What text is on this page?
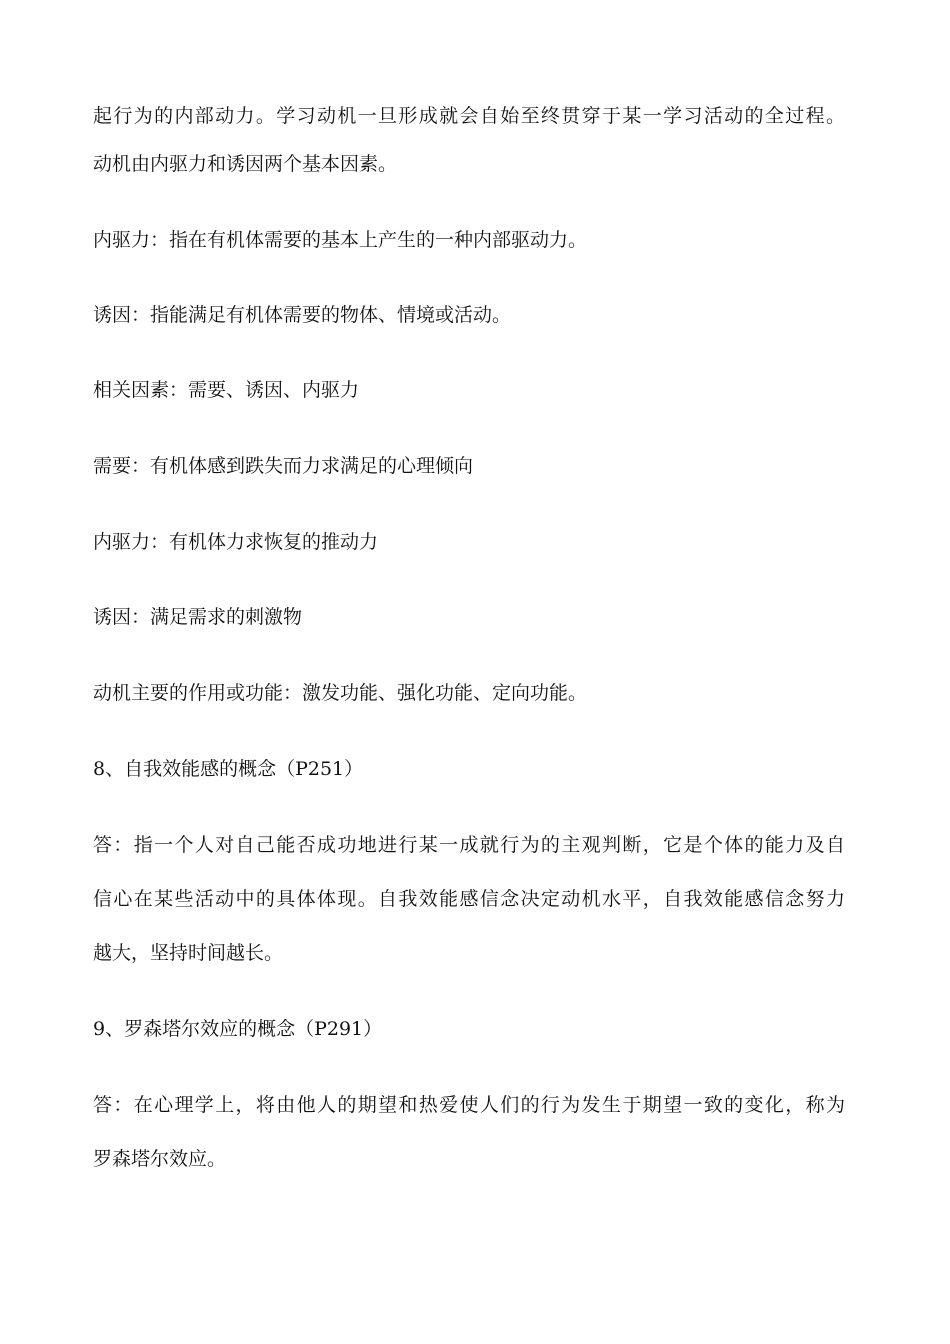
起行为的内部动力。学习动机一旦形成就会自始至终贯穿于某一学习活动的全过程。
动机由内驱力和诱因两个基本因素。
内驱力：指在有机体需要的基本上产生的一种内部驱动力。
诱因：指能满足有机体需要的物体、情境或活动。
相关因素：需要、诱因、内驱力
需要：有机体感到跌失而力求满足的心理倾向
内驱力：有机体力求恢复的推动力
诱因：满足需求的刺激物
动机主要的作用或功能：激发功能、强化功能、定向功能。
8、自我效能感的概念（P251）
答：指一个人对自己能否成功地进行某一成就行为的主观判断，它是个体的能力及自
信心在某些活动中的具体体现。自我效能感信念决定动机水平，自我效能感信念努力
越大，坚持时间越长。
9、罗森塔尔效应的概念（P291）
答：在心理学上，将由他人的期望和热爱使人们的行为发生于期望一致的变化，称为
罗森塔尔效应。
